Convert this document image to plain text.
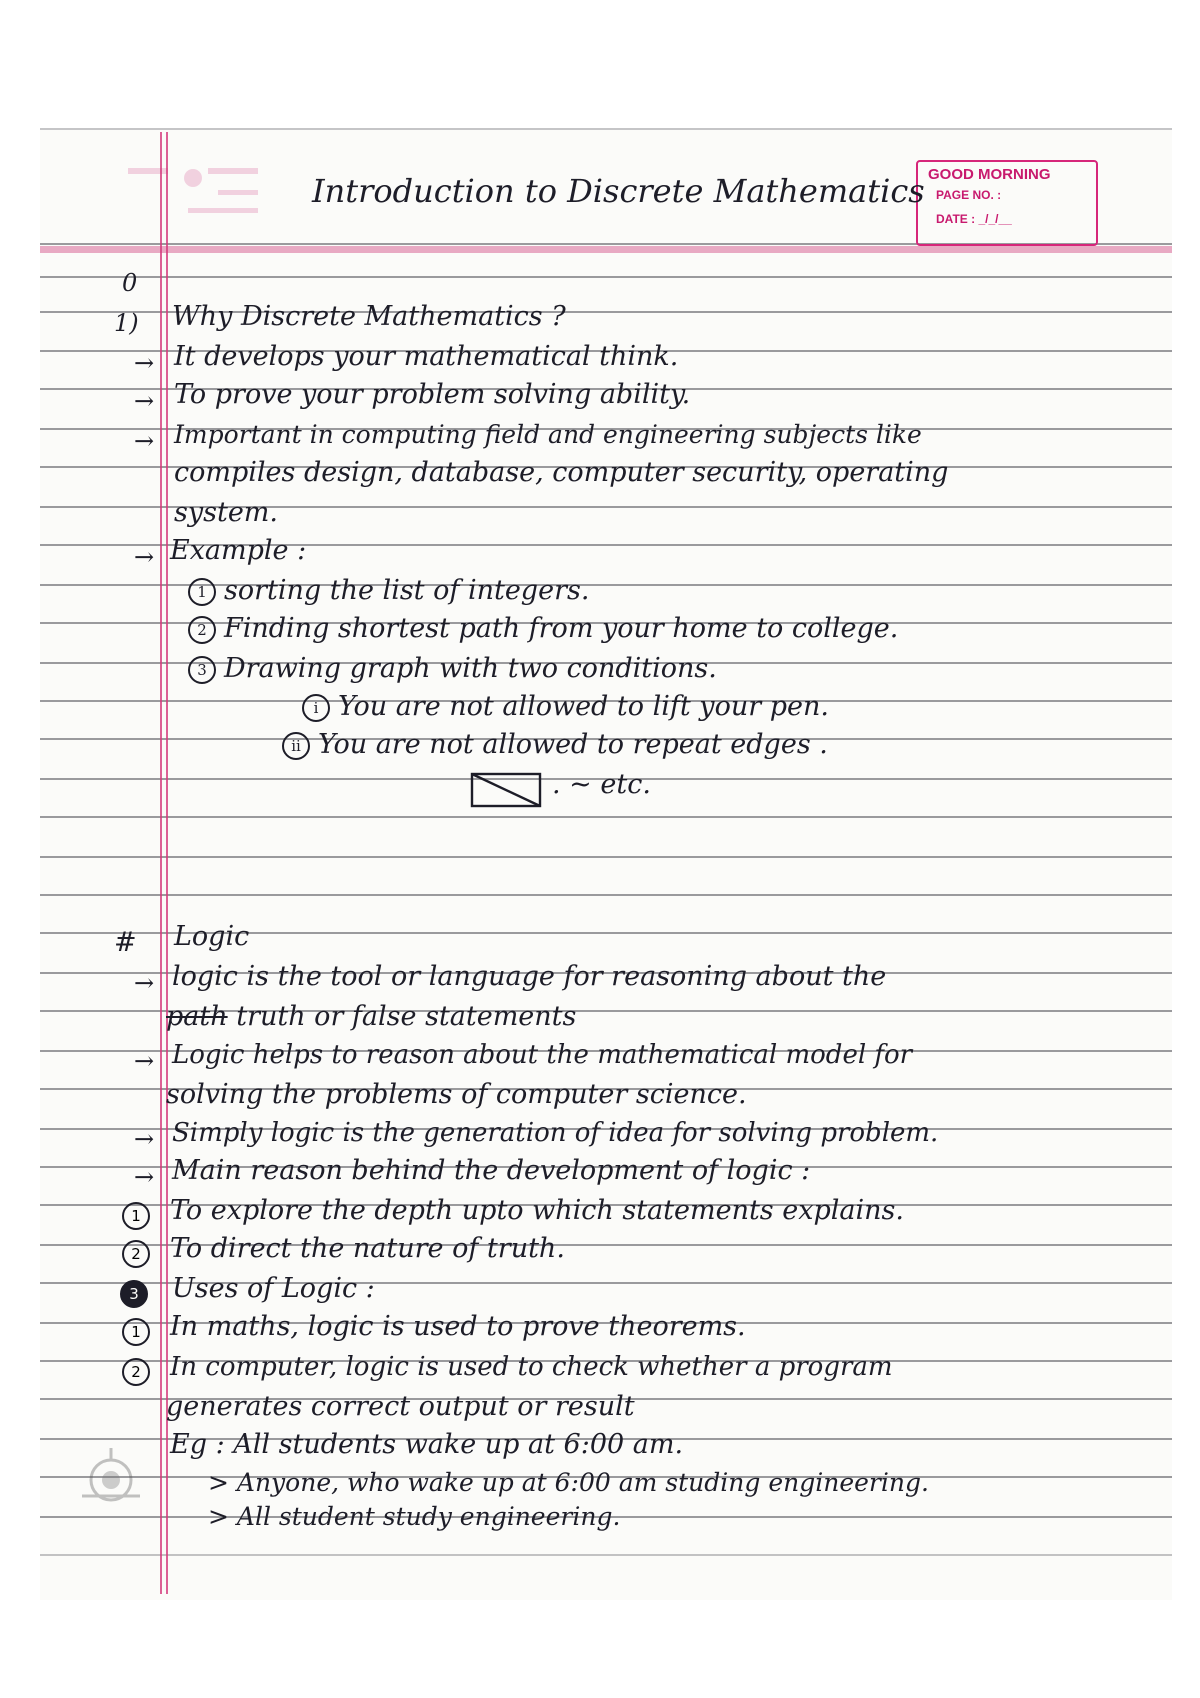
GOOD MORNING
PAGE NO. :
DATE : _/_/__

Introduction to Discrete Mathematics

0

1) Why Discrete Mathematics ?

→ It develops your mathematical think.

→ To prove your problem solving ability.

→ Important in computing field and engineering subjects like

compiles design, database, computer security, operating

system.

→ Example :

1 sorting the list of integers.

2 Finding shortest path from your home to college.

3 Drawing graph with two conditions.

i You are not allowed to lift your pen.

ii You are not allowed to repeat edges .

. ~ etc.

# Logic

→ logic is the tool or language for reasoning about the

path truth or false statements

→ Logic helps to reason about the mathematical model for

solving the problems of computer science.

→ Simply logic is the generation of idea for solving problem.

→ Main reason behind the development of logic :

1	To explore the depth upto which statements explains.

2	To direct the nature of truth.

3	Uses of Logic :

1	In maths, logic is used to prove theorems.

2	In computer, logic is used to check whether a program

generates correct output or result

Eg : All students wake up at 6:00 am.

> Anyone, who wake up at 6:00 am studing engineering.

> All student study engineering.
